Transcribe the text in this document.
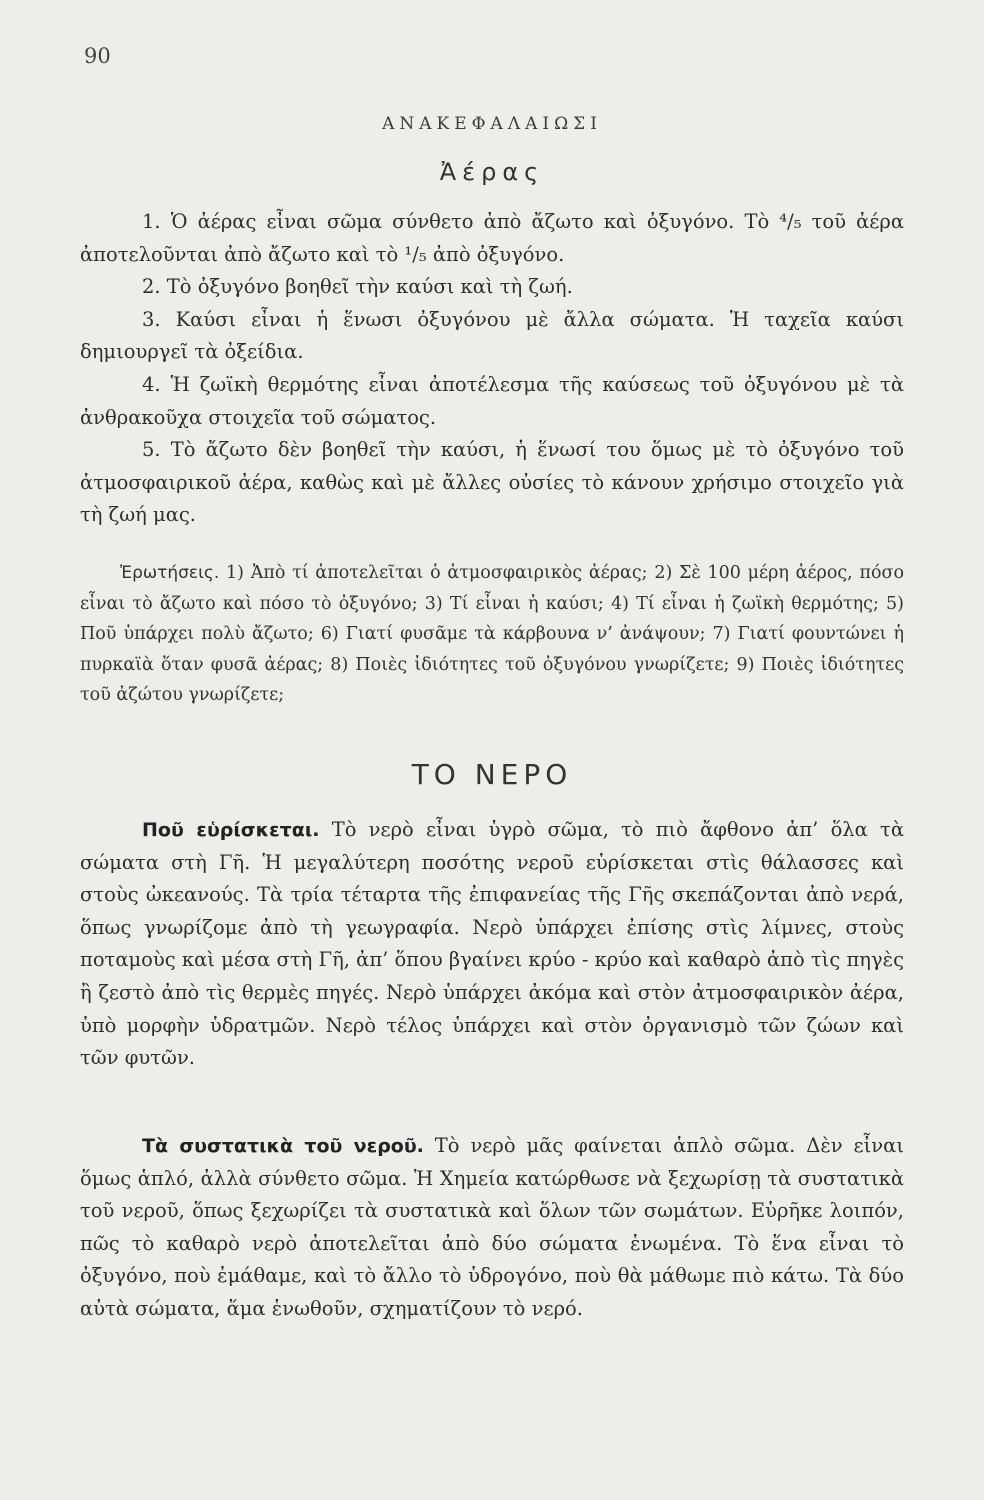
90
ΑΝΑΚΕΦΑΛΑΙΩΣΙ
Ἀέρας

1. Ὁ ἀέρας εἶναι σῶμα σύνθετο ἀπὸ ἄζωτο καὶ ὀξυγόνο. Τὸ ⁴/₅ τοῦ ἀέρα ἀποτελοῦνται ἀπὸ ἄζωτο καὶ τὸ ¹/₅ ἀπὸ ὀξυγόνο.

2. Τὸ ὀξυγόνο βοηθεῖ τὴν καύσι καὶ τὴ ζωή.

3. Καύσι εἶναι ἡ ἕνωσι ὀξυγόνου μὲ ἄλλα σώματα. Ἡ ταχεῖα καύσι δημιουργεῖ τὰ ὀξείδια.

4. Ἡ ζωϊκὴ θερμότης εἶναι ἀποτέλεσμα τῆς καύσεως τοῦ ὀξυγόνου μὲ τὰ ἀνθρακοῦχα στοιχεῖα τοῦ σώματος.

5. Τὸ ἄζωτο δὲν βοηθεῖ τὴν καύσι, ἡ ἕνωσί του ὅμως μὲ τὸ ὀξυγόνο τοῦ ἀτμοσφαιρικοῦ ἀέρα, καθὼς καὶ μὲ ἄλλες οὐσίες τὸ κάνουν χρήσιμο στοιχεῖο γιὰ τὴ ζωή μας.

Ἐρωτήσεις. 1) Ἀπὸ τί ἀποτελεῖται ὁ ἀτμοσφαιρικὸς ἀέρας; 2) Σὲ 100 μέρη ἀέρος, πόσο εἶναι τὸ ἄζωτο καὶ πόσο τὸ ὀξυγόνο; 3) Τί εἶναι ἡ καύσι; 4) Τί εἶναι ἡ ζωϊκὴ θερμότης; 5) Ποῦ ὑπάρχει πολὺ ἄζωτο; 6) Γιατί φυσᾶμε τὰ κάρβουνα ν’ ἀνάψουν; 7) Γιατί φουντώνει ἡ πυρκαϊὰ ὅταν φυσᾶ ἀέρας; 8) Ποιὲς ἰδιότητες τοῦ ὀξυγόνου γνωρίζετε; 9) Ποιὲς ἰδιότητες τοῦ ἀζώτου γνωρίζετε;
ΤΟ ΝΕΡΟ

Ποῦ εὑρίσκεται. Τὸ νερὸ εἶναι ὑγρὸ σῶμα, τὸ πιὸ ἄφθονο ἀπ’ ὅλα τὰ σώματα στὴ Γῆ. Ἡ μεγαλύτερη ποσότης νεροῦ εὑρίσκεται στὶς θάλασσες καὶ στοὺς ὠκεανούς. Τὰ τρία τέταρτα τῆς ἐπιφανείας τῆς Γῆς σκεπάζονται ἀπὸ νερά, ὅπως γνωρίζομε ἀπὸ τὴ γεωγραφία. Νερὸ ὑπάρχει ἐπίσης στὶς λίμνες, στοὺς ποταμοὺς καὶ μέσα στὴ Γῆ, ἀπ’ ὅπου βγαίνει κρύο - κρύο καὶ καθαρὸ ἀπὸ τὶς πηγὲς ἢ ζεστὸ ἀπὸ τὶς θερμὲς πηγές. Νερὸ ὑπάρχει ἀκόμα καὶ στὸν ἀτμοσφαιρικὸν ἀέρα, ὑπὸ μορφὴν ὑδρατμῶν. Νερὸ τέλος ὑπάρχει καὶ στὸν ὀργανισμὸ τῶν ζώων καὶ τῶν φυτῶν.

Τὰ συστατικὰ τοῦ νεροῦ. Τὸ νερὸ μᾶς φαίνεται ἁπλὸ σῶμα. Δὲν εἶναι ὅμως ἁπλό, ἀλλὰ σύνθετο σῶμα. Ἡ Χημεία κατώρθωσε νὰ ξεχωρίσῃ τὰ συστατικὰ τοῦ νεροῦ, ὅπως ξεχωρίζει τὰ συστατικὰ καὶ ὅλων τῶν σωμάτων. Εὑρῆκε λοιπόν, πῶς τὸ καθαρὸ νερὸ ἀποτελεῖται ἀπὸ δύο σώματα ἑνωμένα. Τὸ ἕνα εἶναι τὸ ὀξυγόνο, ποὺ ἐμάθαμε, καὶ τὸ ἄλλο τὸ ὑδρογόνο, ποὺ θὰ μάθωμε πιὸ κάτω. Τὰ δύο αὐτὰ σώματα, ἅμα ἑνωθοῦν, σχηματίζουν τὸ νερό.
